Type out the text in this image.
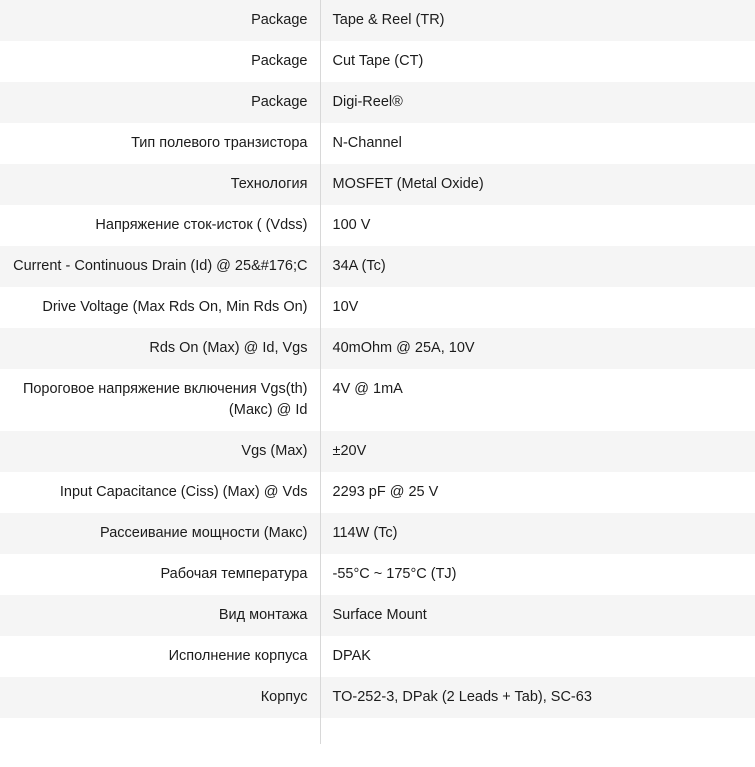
Package	Tape & Reel (TR)
Package	Cut Tape (CT)
Package	Digi-Reel®
Тип полевого транзистора	N-Channel
Технология	MOSFET (Metal Oxide)
Напряжение сток-исток ( (Vdss)	100 V
Current - Continuous Drain (Id) @ 25&#176;C	34A (Tc)
Drive Voltage (Max Rds On, Min Rds On)	10V
Rds On (Max) @ Id, Vgs	40mOhm @ 25A, 10V
Пороговое напряжение включения Vgs(th) (Макс) @ Id	4V @ 1mA
Vgs (Max)	±20V
Input Capacitance (Ciss) (Max) @ Vds	2293 pF @ 25 V
Рассеивание мощности (Макс)	114W (Tc)
Рабочая температура	-55°C ~ 175°C (TJ)
Вид монтажа	Surface Mount
Исполнение корпуса	DPAK
Корпус	TO-252-3, DPak (2 Leads + Tab), SC-63
